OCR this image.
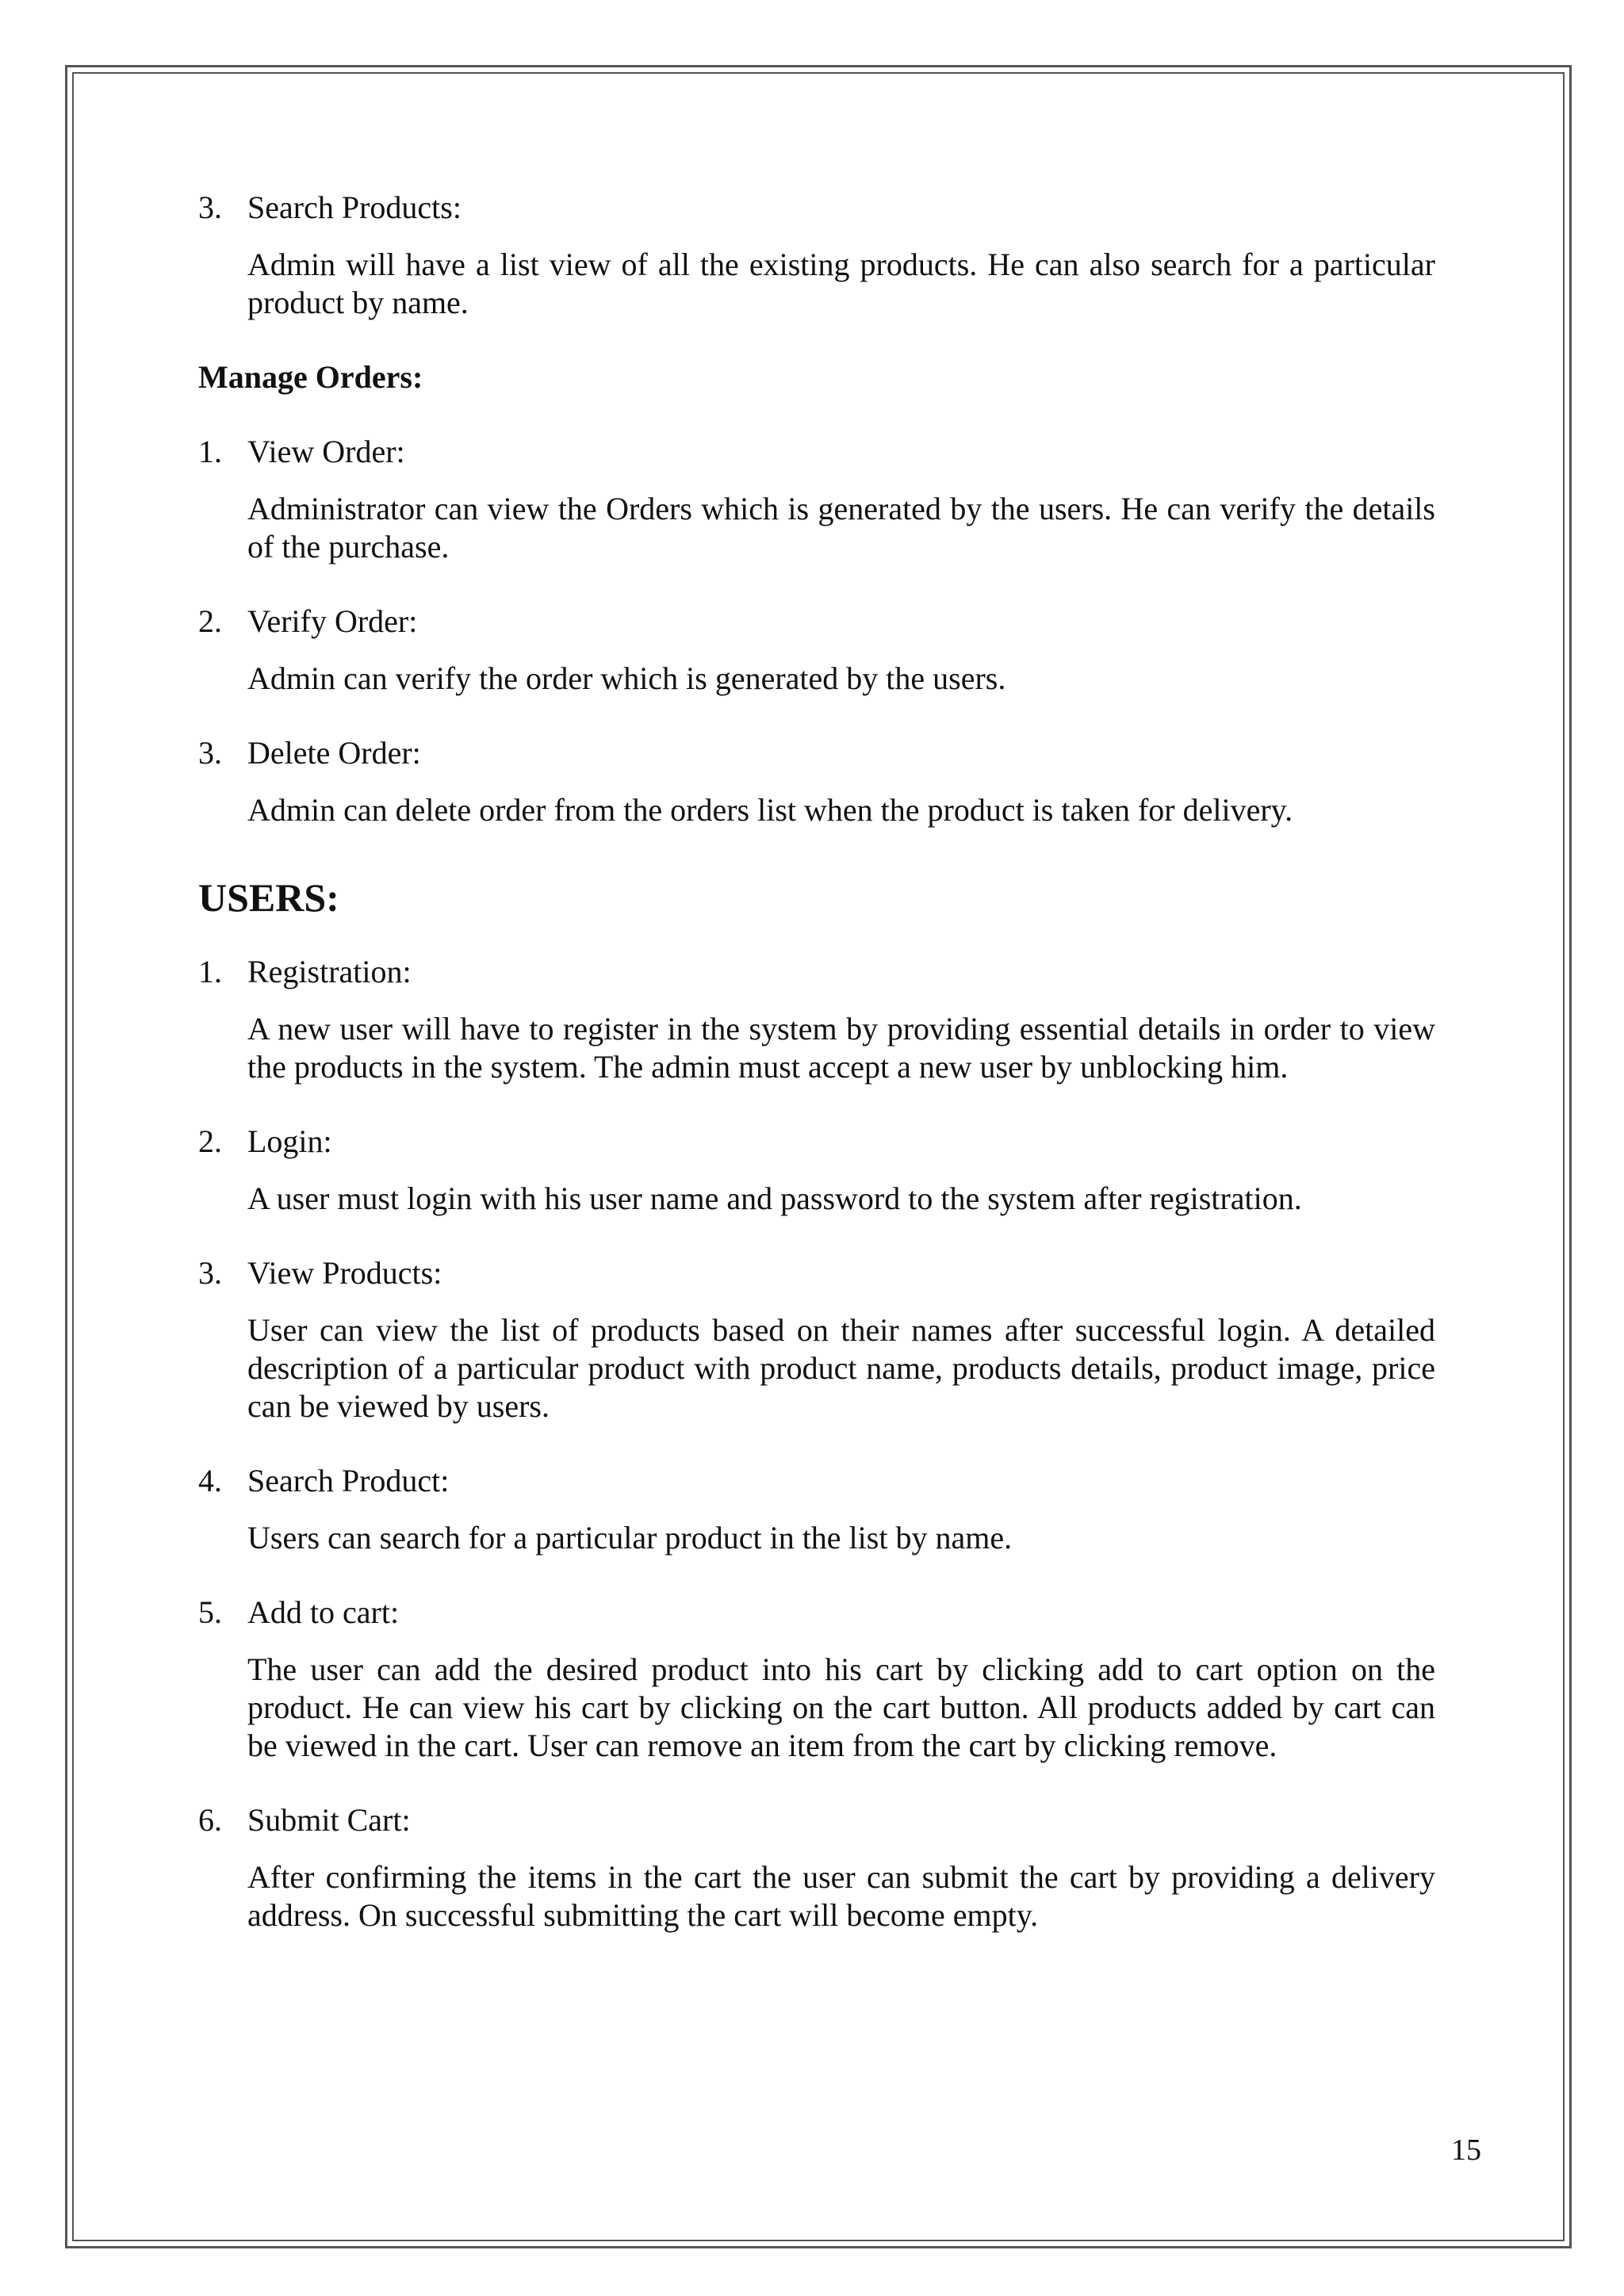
3. Search Products:
Admin will have a list view of all the existing products. He can also search for a particular product by name.
Manage Orders:
1. View Order:
Administrator can view the Orders which is generated by the users. He can verify the details of the purchase.
2. Verify Order:
Admin can verify the order which is generated by the users.
3. Delete Order:
Admin can delete order from the orders list when the product is taken for delivery.
USERS:
1. Registration:
A new user will have to register in the system by providing essential details in order to view the products in the system. The admin must accept a new user by unblocking him.
2. Login:
A user must login with his user name and password to the system after registration.
3. View Products:
User can view the list of products based on their names after successful login. A detailed description of a particular product with product name, products details, product image, price can be viewed by users.
4. Search Product:
Users can search for a particular product in the list by name.
5. Add to cart:
The user can add the desired product into his cart by clicking add to cart option on the product. He can view his cart by clicking on the cart button. All products added by cart can be viewed in the cart. User can remove an item from the cart by clicking remove.
6. Submit Cart:
After confirming the items in the cart the user can submit the cart by providing a delivery address. On successful submitting the cart will become empty.
15
